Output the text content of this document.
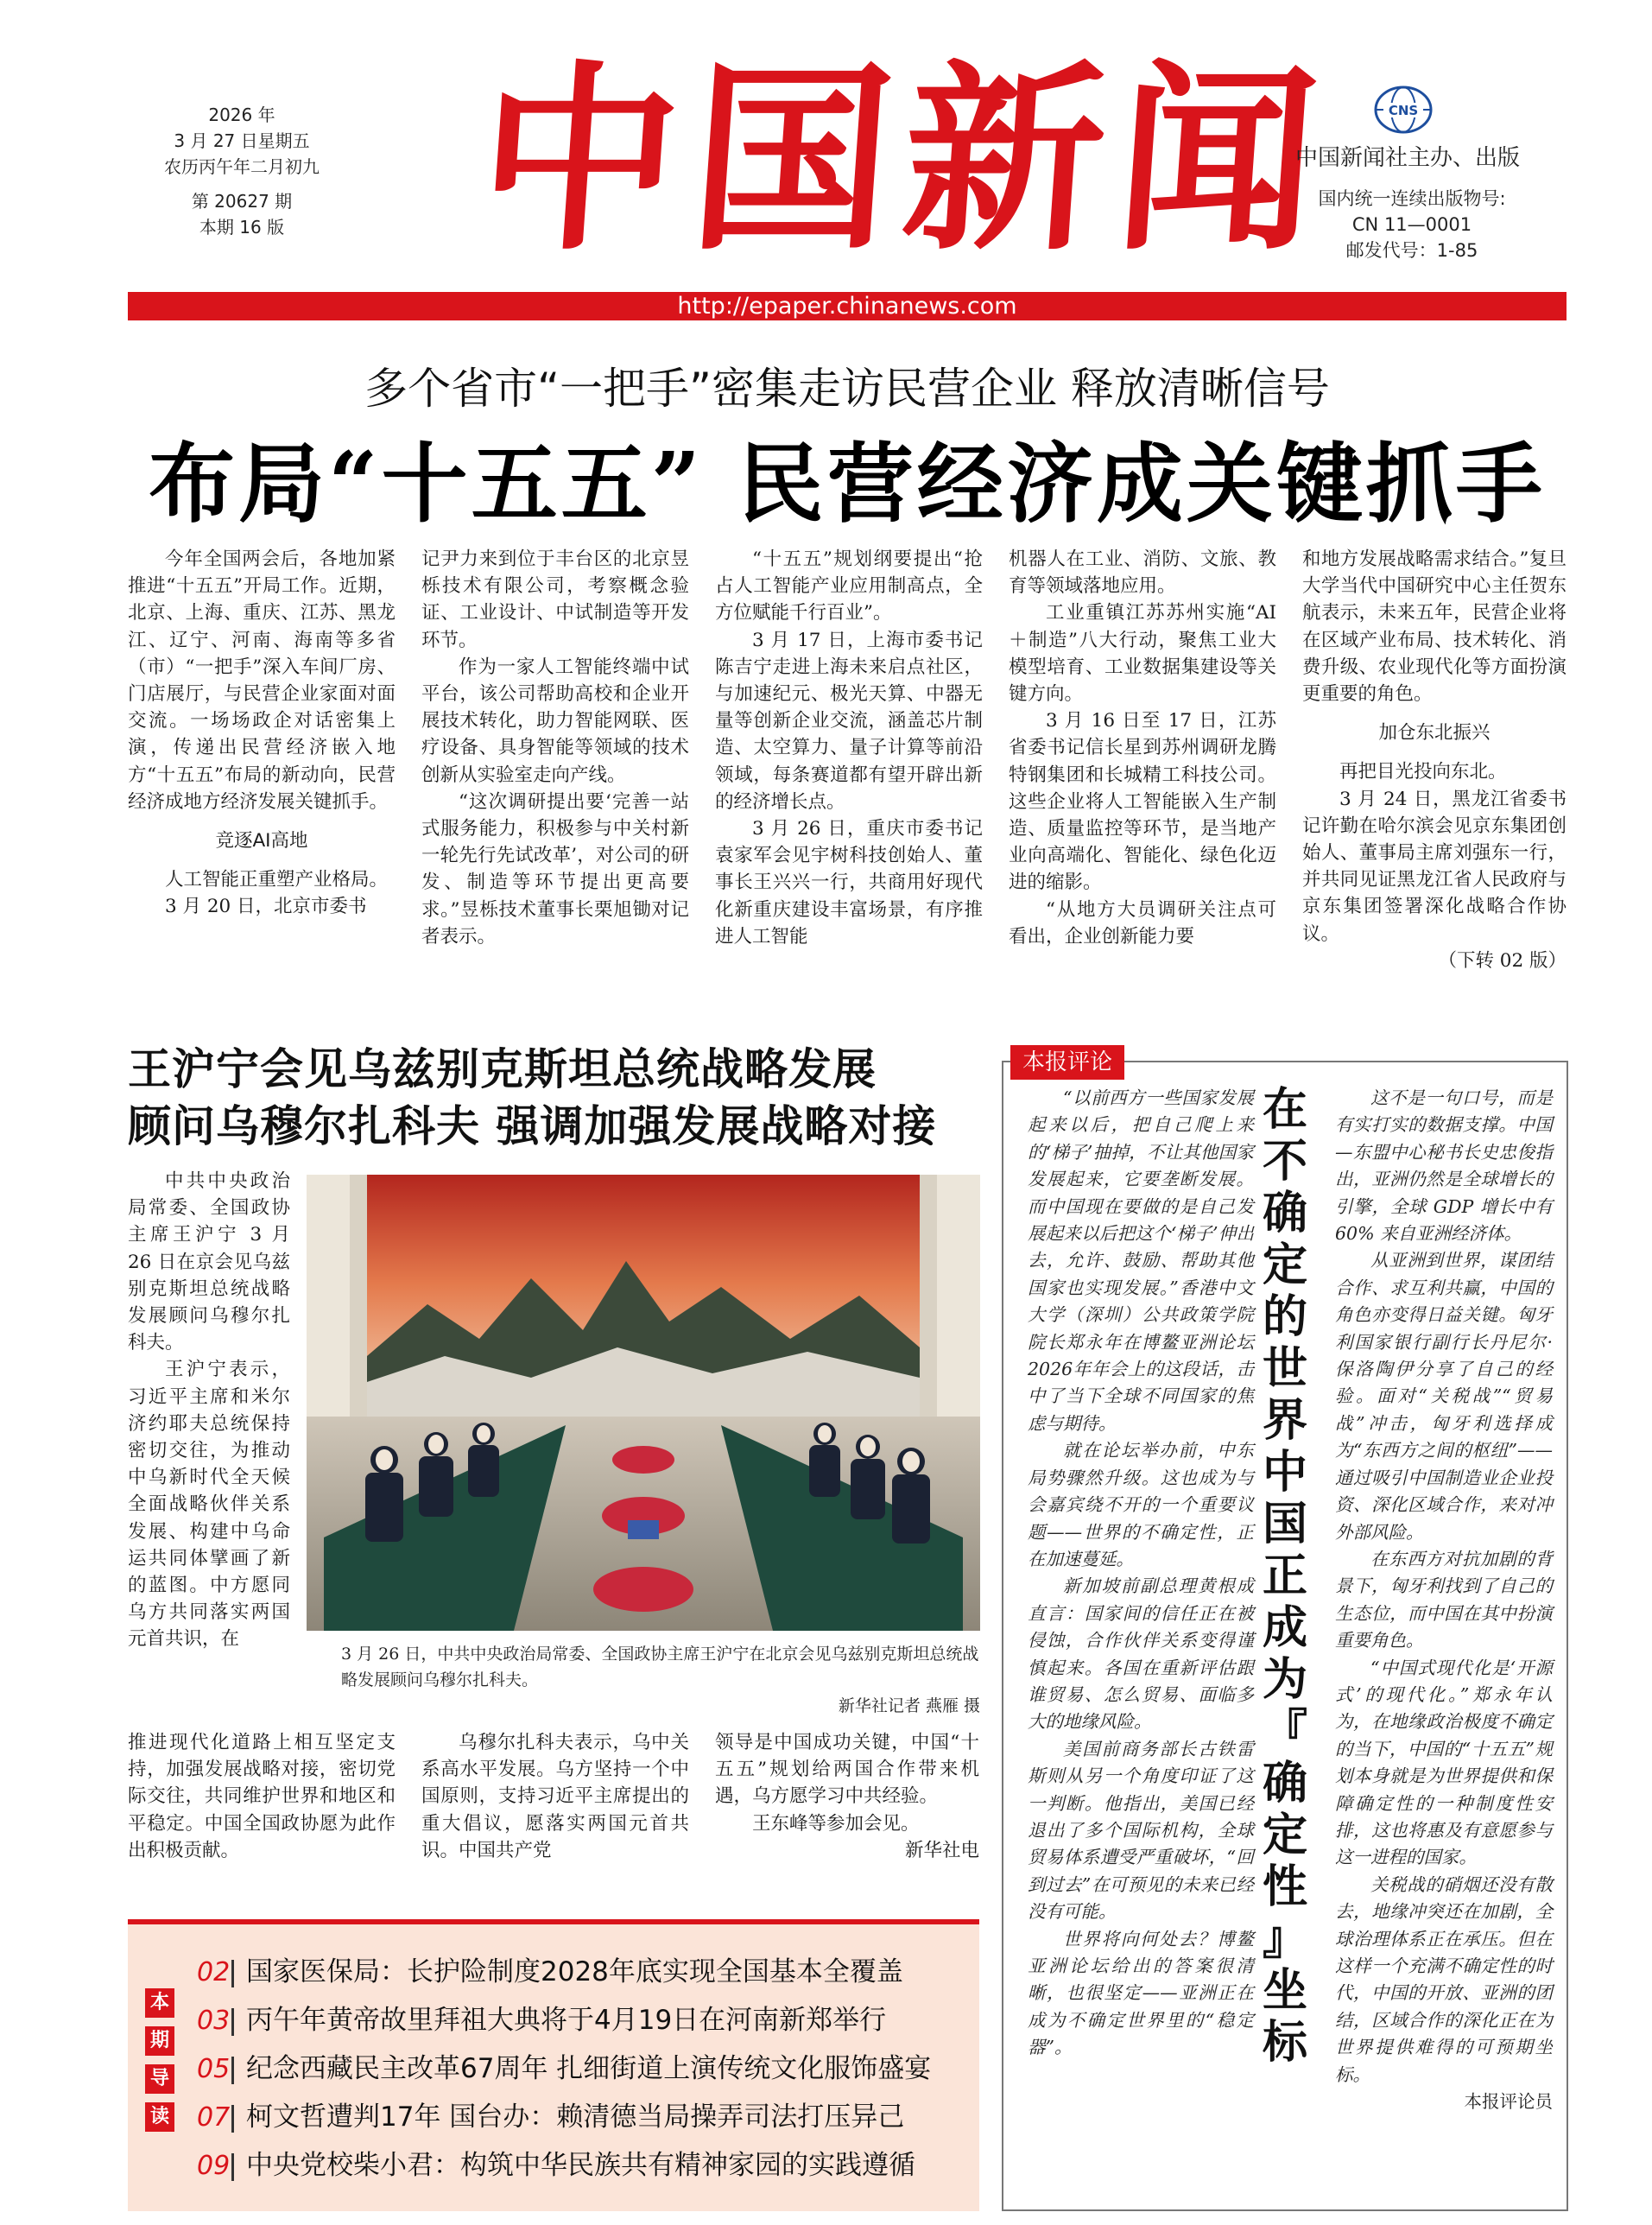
2026 年
3 月 27 日星期五
农历丙午年二月初九
第 20627 期
本期 16 版 中国新闻	CNS
中国新闻社主办、出版
国内统一连续出版物号:
CN 11—0001
邮发代号：1-85
http://epaper.chinanews.com
多个省市“一把手”密集走访民营企业 释放清晰信号
布局“十五五” 民营经济成关键抓手

今年全国两会后，各地加紧推进“十五五”开局工作。近期，北京、上海、重庆、江苏、黑龙江、辽宁、河南、海南等多省（市）“一把手”深入车间厂房、门店展厅，与民营企业家面对面交流。一场场政企对话密集上演，传递出民营经济嵌入地方“十五五”布局的新动向，民营经济成地方经济发展关键抓手。

竞逐AI高地

人工智能正重塑产业格局。

3 月 20 日，北京市委书

记尹力来到位于丰台区的北京昱栎技术有限公司，考察概念验证、工业设计、中试制造等开发环节。

作为一家人工智能终端中试平台，该公司帮助高校和企业开展技术转化，助力智能网联、医疗设备、具身智能等领域的技术创新从实验室走向产线。

“这次调研提出要‘完善一站式服务能力，积极参与中关村新一轮先行先试改革’，对公司的研发、制造等环节提出更高要求。”昱栎技术董事长栗旭锄对记者表示。

“十五五”规划纲要提出“抢占人工智能产业应用制高点，全方位赋能千行百业”。

3 月 17 日，上海市委书记陈吉宁走进上海未来启点社区，与加速纪元、极光天算、中器无量等创新企业交流，涵盖芯片制造、太空算力、量子计算等前沿领域，每条赛道都有望开辟出新的经济增长点。

3 月 26 日，重庆市委书记袁家军会见宇树科技创始人、董事长王兴兴一行，共商用好现代化新重庆建设丰富场景，有序推进人工智能

机器人在工业、消防、文旅、教育等领域落地应用。

工业重镇江苏苏州实施“AI＋制造”八大行动，聚焦工业大模型培育、工业数据集建设等关键方向。

3 月 16 日至 17 日，江苏省委书记信长星到苏州调研龙腾特钢集团和长城精工科技公司。这些企业将人工智能嵌入生产制造、质量监控等环节，是当地产业向高端化、智能化、绿色化迈进的缩影。

“从地方大员调研关注点可看出，企业创新能力要

和地方发展战略需求结合。”复旦大学当代中国研究中心主任贺东航表示，未来五年，民营企业将在区域产业布局、技术转化、消费升级、农业现代化等方面扮演更重要的角色。

加仓东北振兴

再把目光投向东北。

3 月 24 日，黑龙江省委书记许勤在哈尔滨会见京东集团创始人、董事局主席刘强东一行，并共同见证黑龙江省人民政府与京东集团签署深化战略合作协议。

（下转 02 版）

王沪宁会见乌兹别克斯坦总统战略发展
顾问乌穆尔扎科夫 强调加强发展战略对接

中共中央政治局常委、全国政协主席王沪宁 3 月 26 日在京会见乌兹别克斯坦总统战略发展顾问乌穆尔扎科夫。

王沪宁表示，习近平主席和米尔济约耶夫总统保持密切交往，为推动中乌新时代全天候全面战略伙伴关系发展、构建中乌命运共同体擘画了新的蓝图。中方愿同乌方共同落实两国元首共识，在

3 月 26 日，中共中央政治局常委、全国政协主席王沪宁在北京会见乌兹别克斯坦总统战略发展顾问乌穆尔扎科夫。
新华社记者 燕雁 摄

推进现代化道路上相互坚定支持，加强发展战略对接，密切党际交往，共同维护世界和地区和平稳定。中国全国政协愿为此作出积极贡献。

乌穆尔扎科夫表示，乌中关系高水平发展。乌方坚持一个中国原则，支持习近平主席提出的重大倡议，愿落实两国元首共识。中国共产党

领导是中国成功关键，中国“十五五”规划给两国合作带来机遇，乌方愿学习中共经验。

王东峰等参加会见。

新华社电

本报评论
在不确定的世界 中国正成为『确定性』坐标

“以前西方一些国家发展起来以后，把自己爬上来的‘梯子’抽掉，不让其他国家发展起来，它要垄断发展。而中国现在要做的是自己发展起来以后把这个‘梯子’伸出去，允许、鼓励、帮助其他国家也实现发展。”香港中文大学（深圳）公共政策学院院长郑永年在博鳌亚洲论坛2026年年会上的这段话，击中了当下全球不同国家的焦虑与期待。

就在论坛举办前，中东局势骤然升级。这也成为与会嘉宾绕不开的一个重要议题——世界的不确定性，正在加速蔓延。

新加坡前副总理黄根成直言：国家间的信任正在被侵蚀，合作伙伴关系变得谨慎起来。各国在重新评估跟谁贸易、怎么贸易、面临多大的地缘风险。

美国前商务部长古铁雷斯则从另一个角度印证了这一判断。他指出，美国已经退出了多个国际机构，全球贸易体系遭受严重破坏，“回到过去”在可预见的未来已经没有可能。

世界将向何处去？博鳌亚洲论坛给出的答案很清晰，也很坚定——亚洲正在成为不确定世界里的“稳定器”。

这不是一句口号，而是有实打实的数据支撑。中国—东盟中心秘书长史忠俊指出，亚洲仍然是全球增长的引擎，全球 GDP 增长中有 60% 来自亚洲经济体。

从亚洲到世界，谋团结合作、求互利共赢，中国的角色亦变得日益关键。匈牙利国家银行副行长丹尼尔·保洛陶伊分享了自己的经验。面对“关税战”“贸易战”冲击，匈牙利选择成为“东西方之间的枢纽”——通过吸引中国制造业企业投资、深化区域合作，来对冲外部风险。

在东西方对抗加剧的背景下，匈牙利找到了自己的生态位，而中国在其中扮演重要角色。

“中国式现代化是‘开源式’的现代化。”郑永年认为，在地缘政治极度不确定的当下，中国的“十五五”规划本身就是为世界提供和保障确定性的一种制度性安排，这也将惠及有意愿参与这一进程的国家。

关税战的硝烟还没有散去，地缘冲突还在加剧，全球治理体系正在承压。但在这样一个充满不确定性的时代，中国的开放、亚洲的团结，区域合作的深化正在为世界提供难得的可预期坐标。

本报评论员

本
期
导
读
02 国家医保局：长护险制度2028年底实现全国基本全覆盖
03 丙午年黄帝故里拜祖大典将于4月19日在河南新郑举行
05 纪念西藏民主改革67周年 扎细街道上演传统文化服饰盛宴
07 柯文哲遭判17年 国台办：赖清德当局操弄司法打压异己
09 中央党校柴小君：构筑中华民族共有精神家园的实践遵循
